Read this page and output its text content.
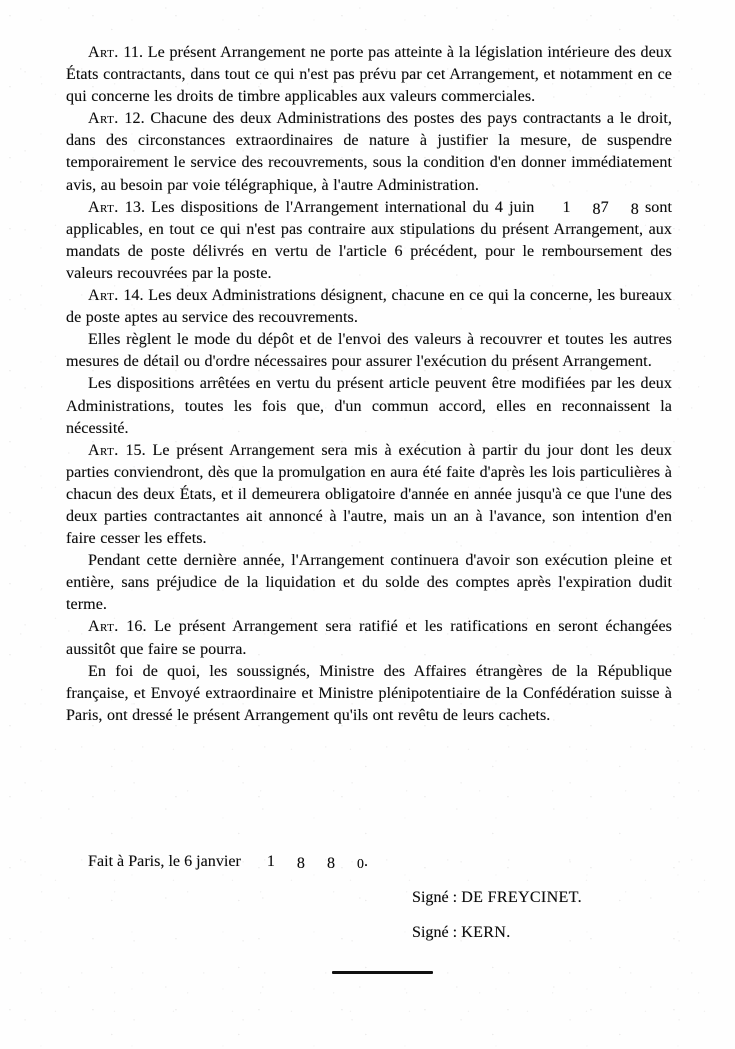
Art. 11. Le présent Arrangement ne porte pas atteinte à la législation intérieure des deux États contractants, dans tout ce qui n'est pas prévu par cet Arrangement, et notamment en ce qui concerne les droits de timbre applicables aux valeurs commerciales.

Art. 12. Chacune des deux Administrations des postes des pays contractants a le droit, dans des circonstances extraordinaires de nature à justifier la mesure, de suspendre temporairement le service des recouvrements, sous la condition d'en donner immédiatement avis, au besoin par voie télégraphique, à l'autre Administration.

Art. 13. Les dispositions de l'Arrangement international du 4 juin 1 87 8 sont applicables, en tout ce qui n'est pas contraire aux stipulations du présent Arrangement, aux mandats de poste délivrés en vertu de l'article 6 précédent, pour le remboursement des valeurs recouvrées par la poste.

Art. 14. Les deux Administrations désignent, chacune en ce qui la concerne, les bureaux de poste aptes au service des recouvrements.

Elles règlent le mode du dépôt et de l'envoi des valeurs à recouvrer et toutes les autres mesures de détail ou d'ordre nécessaires pour assurer l'exécution du présent Arrangement.

Les dispositions arrêtées en vertu du présent article peuvent être modifiées par les deux Administrations, toutes les fois que, d'un commun accord, elles en reconnaissent la nécessité.

Art. 15. Le présent Arrangement sera mis à exécution à partir du jour dont les deux parties conviendront, dès que la promulgation en aura été faite d'après les lois particulières à chacun des deux États, et il demeurera obligatoire d'année en année jusqu'à ce que l'une des deux parties contractantes ait annoncé à l'autre, mais un an à l'avance, son intention d'en faire cesser les effets.

Pendant cette dernière année, l'Arrangement continuera d'avoir son exécution pleine et entière, sans préjudice de la liquidation et du solde des comptes après l'expiration dudit terme.

Art. 16. Le présent Arrangement sera ratifié et les ratifications en seront échangées aussitôt que faire se pourra.

En foi de quoi, les soussignés, Ministre des Affaires étrangères de la République française, et Envoyé extraordinaire et Ministre plénipotentiaire de la Confédération suisse à Paris, ont dressé le présent Arrangement qu'ils ont revêtu de leurs cachets.

Fait à Paris, le 6 janvier 1 8 8 0.
Signé : DE FREYCINET.
Signé : KERN.
